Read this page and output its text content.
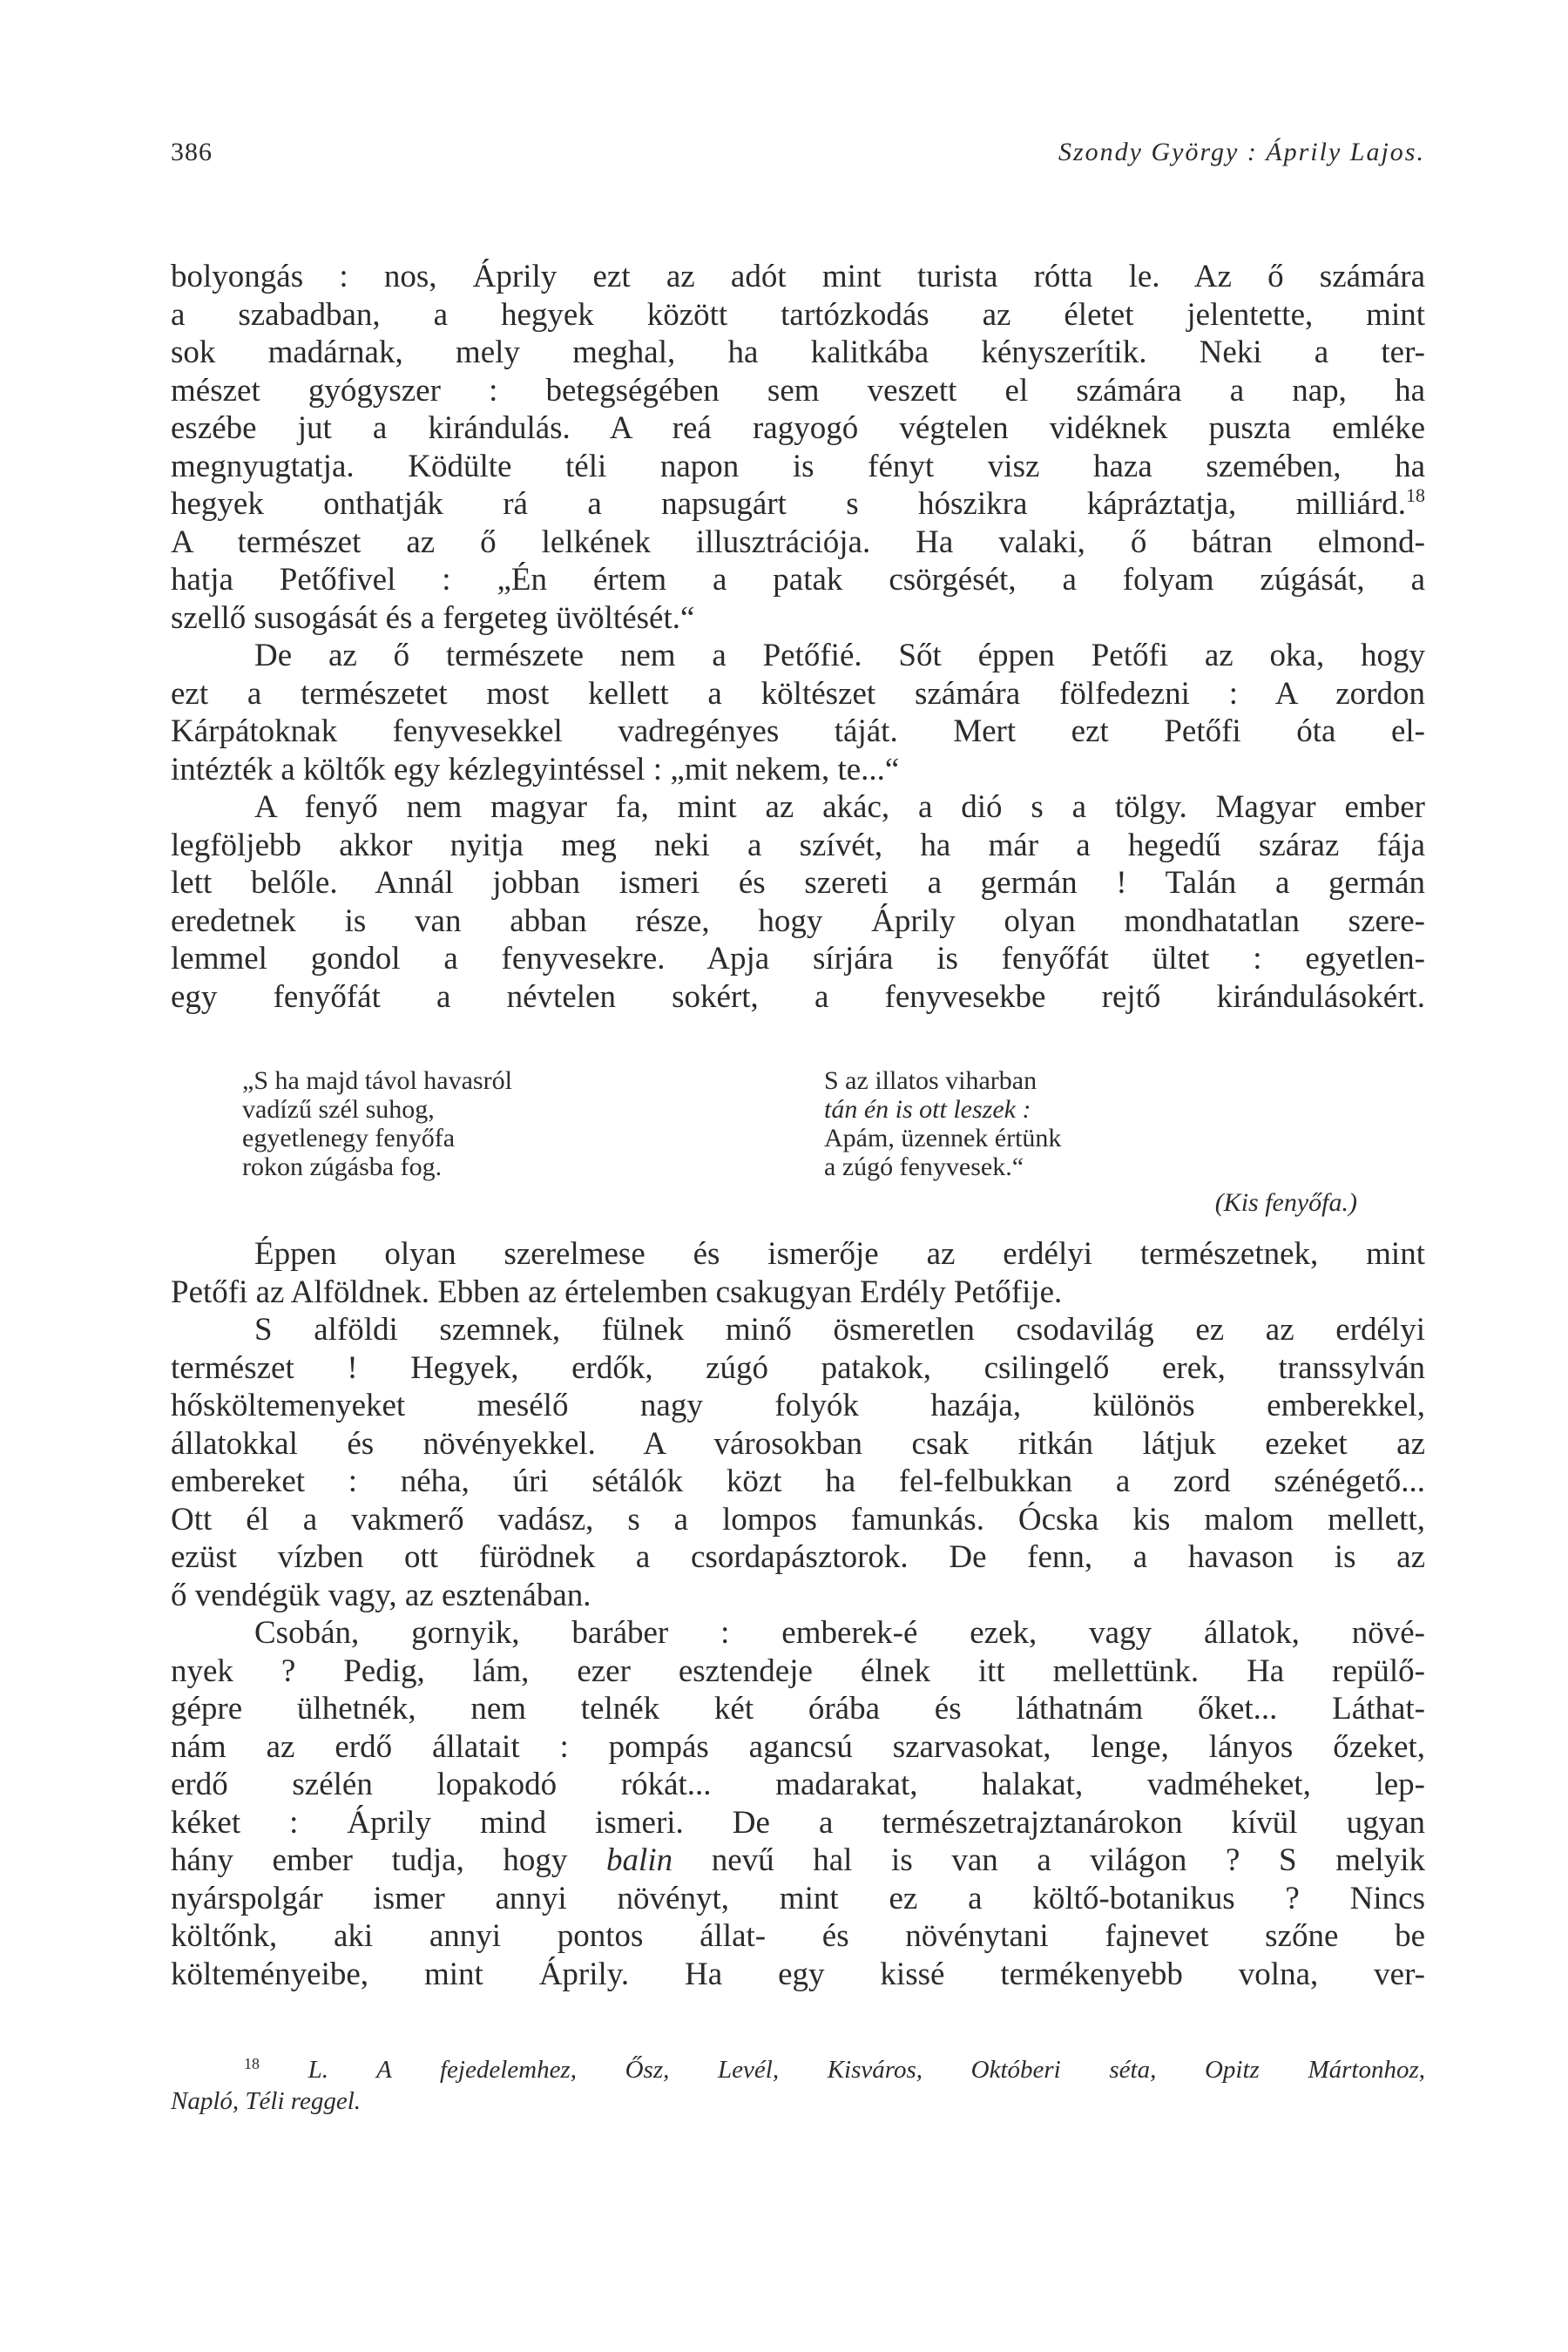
386	Szondy György : Áprily Lajos.

bolyongás : nos, Áprily ezt az adót mint turista rótta le. Az ő számára

a szabadban, a hegyek között tartózkodás az életet jelentette, mint

sok madárnak, mely meghal, ha kalitkába kényszerítik. Neki a ter-

mészet gyógyszer : betegségében sem veszett el számára a nap, ha

eszébe jut a kirándulás. A reá ragyogó végtelen vidéknek puszta emléke

megnyugtatja. Ködülte téli napon is fényt visz haza szemében, ha

hegyek onthatják rá a napsugárt s hószikra kápráztatja, milliárd.$^{18}$

A természet az ő lelkének illusztrációja. Ha valaki, ő bátran elmond-

hatja Petőfivel : „Én értem a patak csörgését, a folyam zúgását, a

szellő susogását és a fergeteg üvöltését.“

De az ő természete nem a Petőfié. Sőt éppen Petőfi az oka, hogy

ezt a természetet most kellett a költészet számára fölfedezni : A zordon

Kárpátoknak fenyvesekkel vadregényes táját. Mert ezt Petőfi óta el-

intézték a költők egy kézlegyintéssel : „mit nekem, te...“

A fenyő nem magyar fa, mint az akác, a dió s a tölgy. Magyar ember

legföljebb akkor nyitja meg neki a szívét, ha már a hegedű száraz fája

lett belőle. Annál jobban ismeri és szereti a germán ! Talán a germán

eredetnek is van abban része, hogy Áprily olyan mondhatatlan szere-

lemmel gondol a fenyvesekre. Apja sírjára is fenyőfát ültet : egyetlen-

egy fenyőfát a névtelen sokért, a fenyvesekbe rejtő kirándulásokért.

„S ha majd távol havasról
vadízű szél suhog,
egyetlenegy fenyőfa
rokon zúgásba fog.
S az illatos viharban
tán én is ott leszek :
Apám, üzennek értünk
a zúgó fenyvesek.“
(Kis fenyőfa.)

Éppen olyan szerelmese és ismerője az erdélyi természetnek, mint

Petőfi az Alföldnek. Ebben az értelemben csakugyan Erdély Petőfije.

S alföldi szemnek, fülnek minő ösmeretlen csodavilág ez az erdélyi

természet ! Hegyek, erdők, zúgó patakok, csilingelő erek, transsylván

hősköltemenyeket mesélő nagy folyók hazája, különös emberekkel,

állatokkal és növényekkel. A városokban csak ritkán látjuk ezeket az

embereket : néha, úri sétálók közt ha fel-felbukkan a zord szénégető...

Ott él a vakmerő vadász, s a lompos famunkás. Ócska kis malom mellett,

ezüst vízben ott fürödnek a csordapásztorok. De fenn, a havason is az

ő vendégük vagy, az esztenában.

Csobán, gornyik, baráber : emberek-é ezek, vagy állatok, növé-

nyek ? Pedig, lám, ezer esztendeje élnek itt mellettünk. Ha repülő-

gépre ülhetnék, nem telnék két órába és láthatnám őket... Láthat-

nám az erdő állatait : pompás agancsú szarvasokat, lenge, lányos őzeket,

erdő szélén lopakodó rókát... madarakat, halakat, vadméheket, lep-

kéket : Áprily mind ismeri. De a természetrajztanárokon kívül ugyan

hány ember tudja, hogy balin nevű hal is van a világon ? S melyik

nyárspolgár ismer annyi növényt, mint ez a költő-botanikus ? Nincs

költőnk, aki annyi pontos állat- és növénytani fajnevet szőne be

költeményeibe, mint Áprily. Ha egy kissé termékenyebb volna, ver-

$^{18}$ L. A fejedelemhez, Ősz, Levél, Kisváros, Októberi séta, Opitz Mártonhoz,
Napló, Téli reggel.
